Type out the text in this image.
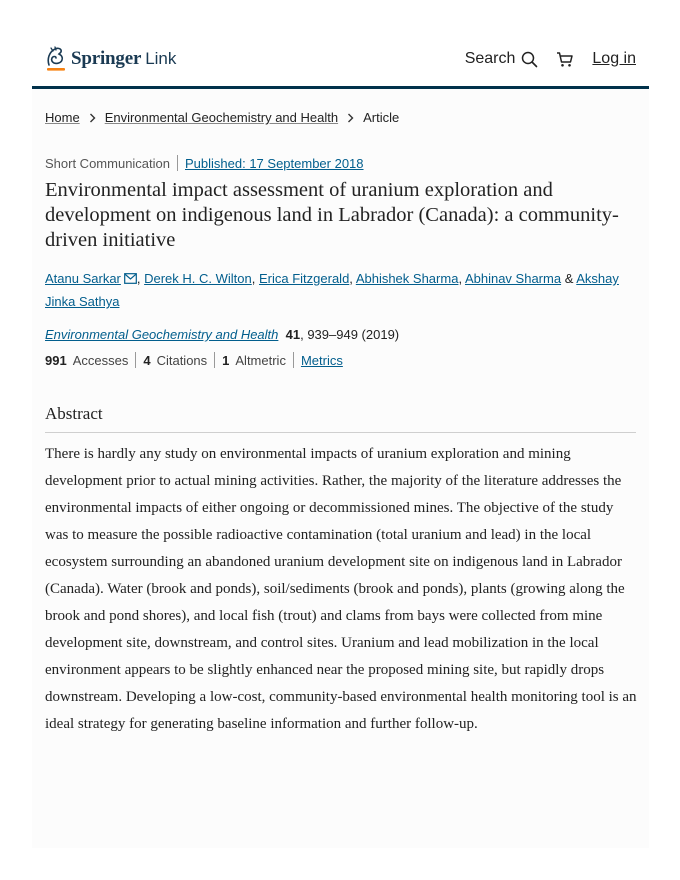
Springer Link	Search	Log in
Home Environmental Geochemistry and Health Article
Short Communication Published: 17 September 2018
Environmental impact assessment of uranium exploration and development on indigenous land in Labrador (Canada): a community-driven initiative
Atanu Sarkar , Derek H. C. Wilton, Erica Fitzgerald, Abhishek Sharma, Abhinav Sharma & Akshay Jinka Sathya
Environmental Geochemistry and Health 41, 939–949 (2019)
991 Accesses 4 Citations 1 Altmetric Metrics
Abstract

There is hardly any study on environmental impacts of uranium exploration and mining development prior to actual mining activities. Rather, the majority of the literature addresses the environmental impacts of either ongoing or decommissioned mines. The objective of the study was to measure the possible radioactive contamination (total uranium and lead) in the local ecosystem surrounding an abandoned uranium development site on indigenous land in Labrador (Canada). Water (brook and ponds), soil/sediments (brook and ponds), plants (growing along the brook and pond shores), and local fish (trout) and clams from bays were collected from mine development site, downstream, and control sites. Uranium and lead mobilization in the local environment appears to be slightly enhanced near the proposed mining site, but rapidly drops downstream. Developing a low-cost, community-based environmental health monitoring tool is an ideal strategy for generating baseline information and further follow-up.
